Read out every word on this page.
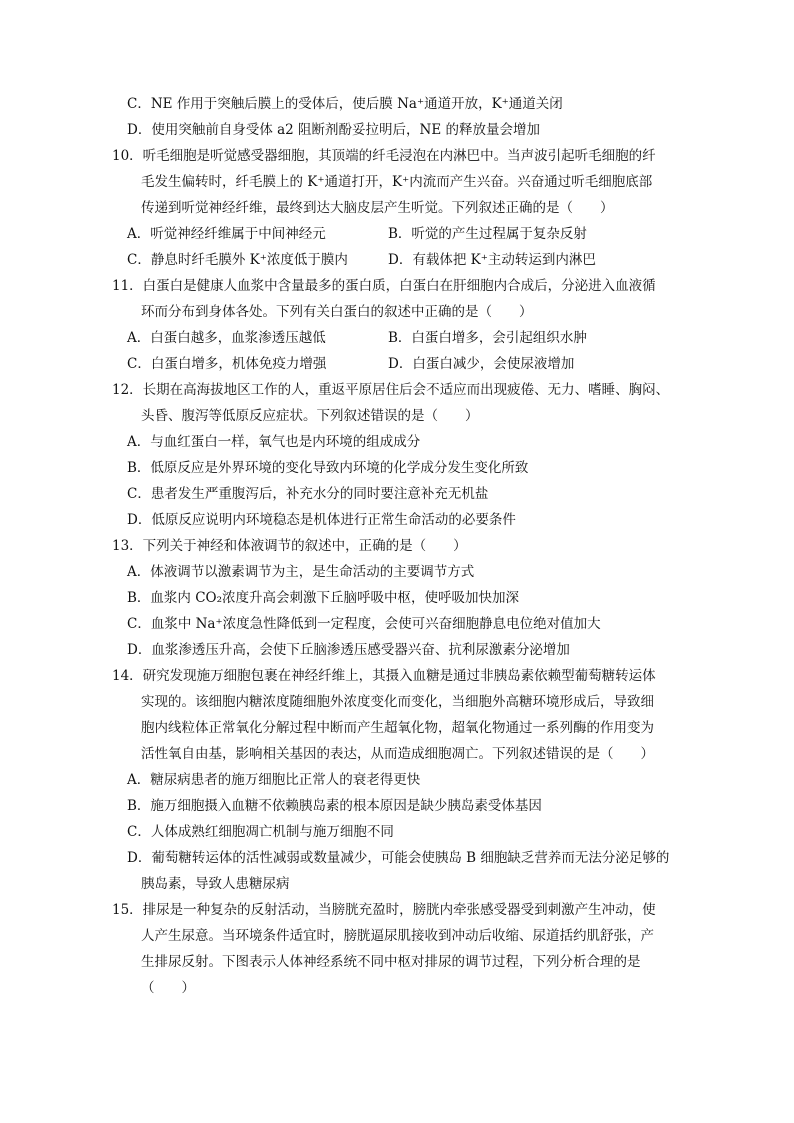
C．NE 作用于突触后膜上的受体后，使后膜 Na⁺通道开放，K⁺通道关闭
D．使用突触前自身受体 a2 阻断剂酚妥拉明后，NE 的释放量会增加
10．听毛细胞是听觉感受器细胞，其顶端的纤毛浸泡在内淋巴中。当声波引起听毛细胞的纤
毛发生偏转时，纤毛膜上的 K⁺通道打开，K⁺内流而产生兴奋。兴奋通过听毛细胞底部
传递到听觉神经纤维，最终到达大脑皮层产生听觉。下列叙述正确的是（　　）
A．听觉神经纤维属于中间神经元	B．听觉的产生过程属于复杂反射
C．静息时纤毛膜外 K⁺浓度低于膜内	D．有载体把 K⁺主动转运到内淋巴
11．白蛋白是健康人血浆中含量最多的蛋白质，白蛋白在肝细胞内合成后，分泌进入血液循
环而分布到身体各处。下列有关白蛋白的叙述中正确的是（　　）
A．白蛋白越多，血浆渗透压越低	B．白蛋白增多，会引起组织水肿
C．白蛋白增多，机体免疫力增强	D．白蛋白减少，会使尿液增加
12．长期在高海拔地区工作的人，重返平原居住后会不适应而出现疲倦、无力、嗜睡、胸闷、
头昏、腹泻等低原反应症状。下列叙述错误的是（　　）
A．与血红蛋白一样，氧气也是内环境的组成成分
B．低原反应是外界环境的变化导致内环境的化学成分发生变化所致
C．患者发生严重腹泻后，补充水分的同时要注意补充无机盐
D．低原反应说明内环境稳态是机体进行正常生命活动的必要条件
13．下列关于神经和体液调节的叙述中，正确的是（　　）
A．体液调节以激素调节为主，是生命活动的主要调节方式
B．血浆内 CO₂浓度升高会刺激下丘脑呼吸中枢，使呼吸加快加深
C．血浆中 Na⁺浓度急性降低到一定程度，会使可兴奋细胞静息电位绝对值加大
D．血浆渗透压升高，会使下丘脑渗透压感受器兴奋、抗利尿激素分泌增加
14．研究发现施万细胞包裹在神经纤维上，其摄入血糖是通过非胰岛素依赖型葡萄糖转运体
实现的。该细胞内糖浓度随细胞外浓度变化而变化，当细胞外高糖环境形成后，导致细
胞内线粒体正常氧化分解过程中断而产生超氧化物，超氧化物通过一系列酶的作用变为
活性氧自由基，影响相关基因的表达，从而造成细胞凋亡。下列叙述错误的是（　　）
A．糖尿病患者的施万细胞比正常人的衰老得更快
B．施万细胞摄入血糖不依赖胰岛素的根本原因是缺少胰岛素受体基因
C．人体成熟红细胞凋亡机制与施万细胞不同
D．葡萄糖转运体的活性减弱或数量减少，可能会使胰岛 B 细胞缺乏营养而无法分泌足够的
胰岛素，导致人患糖尿病
15．排尿是一种复杂的反射活动，当膀胱充盈时，膀胱内牵张感受器受到刺激产生冲动，使
人产生尿意。当环境条件适宜时，膀胱逼尿肌接收到冲动后收缩、尿道括约肌舒张，产
生排尿反射。下图表示人体神经系统不同中枢对排尿的调节过程，下列分析合理的是
（　　）
